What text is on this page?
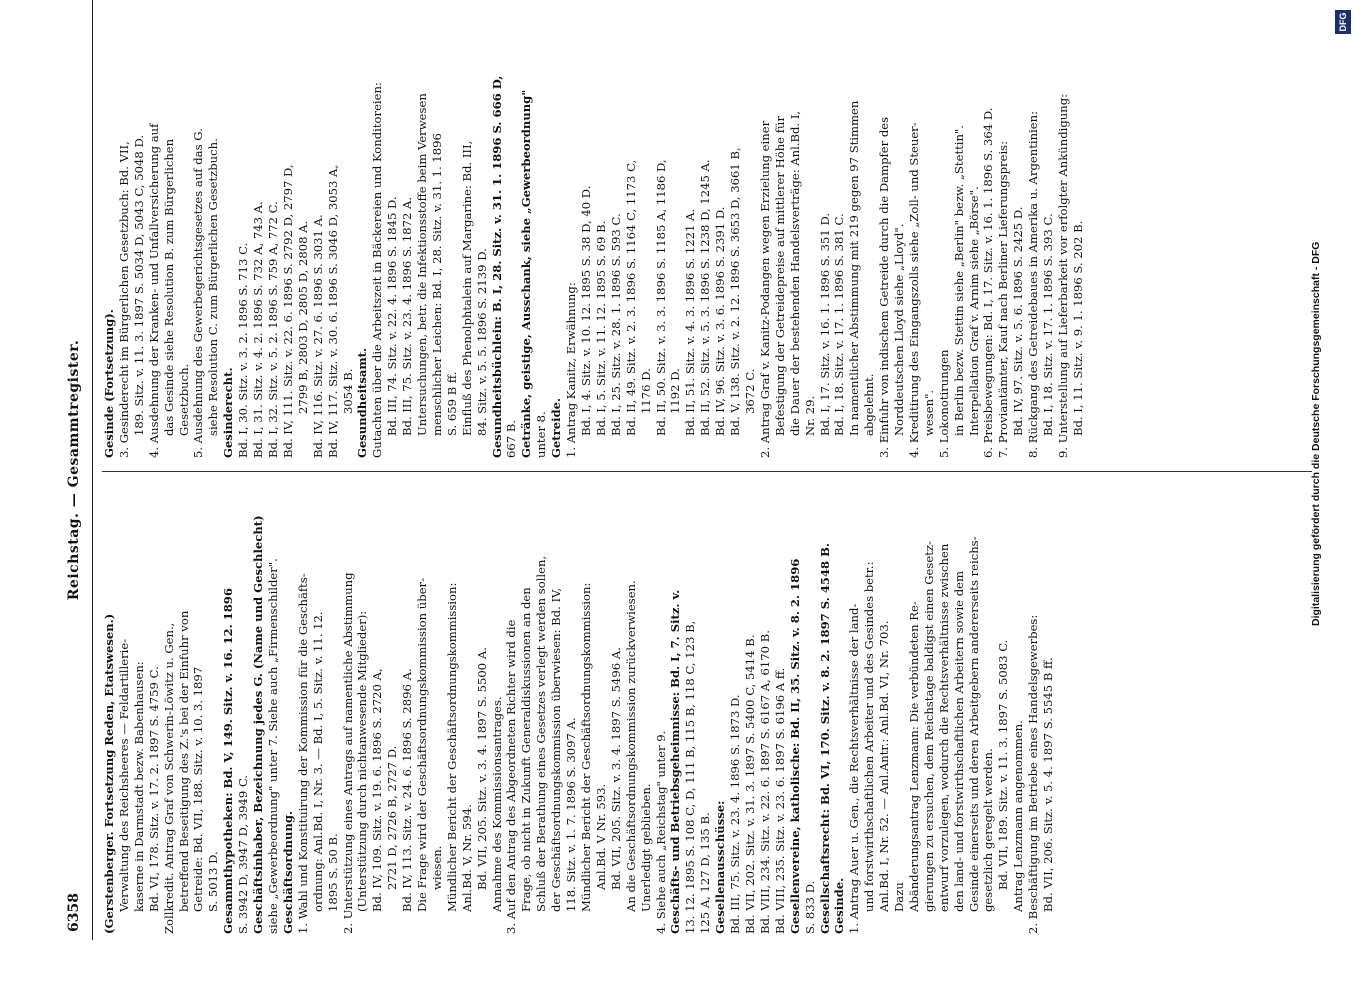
6358
Reichstag. — Gesammtregister.
(Gerstenberger. Fortsetzung Reden, Etatswesen.) Verwaltung des Reichsheeres — Feldartillerie- kaserne in Darmstadt bezw. Babenhausen: Bd. VI, 178. Sitz. v. 17. 2. 1897 S. 4759 C. Zollkredit. Antrag Graf von Schwerin-Löwitz u. Gen., betreffend Beseitigung des Z.'s bei der Einfuhr von Getreide: Bd. VII, 188. Sitz. v. 10. 3. 1897 S. 5013 D. Gesammthypotheken: Bd. V, 149. Sitz. v. 16. 12. 1896 S. 3942 D, 3947 D, 3949 C. Geschäftsinhaber, Bezeichnung jedes G. (Name und Geschlecht) siehe „Gewerbeordnung" unter 7. Siehe auch „Firmenschilder". Geschäftsordnung. 1. Wahl und Konstituirung der Kommission für die Geschäfts- ordnung: Anl.Bd. I, Nr. 3. — Bd. I, 5. Sitz. v. 11. 12. 1895 S. 50 B. 2. Unterstützung eines Antrags auf namentliche Abstimmung (Unterstützung durch nichtanwesende Mitglieder): Bd. IV, 109. Sitz. v. 19. 6. 1896 S. 2720 A, 2721 D, 2726 B, 2727 D. Bd. IV, 113. Sitz. v. 24. 6. 1896 S. 2896 A. Die Frage wird der Geschäftsordnungskommission über- wiesen. Mündlicher Bericht der Geschäftsordnungskommission: Anl.Bd. V, Nr. 594. Bd. VII, 205. Sitz. v. 3. 4. 1897 S. 5500 A. Annahme des Kommissionsantrages. 3. Auf den Antrag des Abgeordneten Richter wird die Frage, ob nicht in Zukunft Generaldiskussionen an den Schluß der Berathung eines Gesetzes verlegt werden sollen, der Geschäftsordnungskommission überwiesen: Bd. IV, 118. Sitz. v. 1. 7. 1896 S. 3097 A. Mündlicher Bericht der Geschäftsordnungskommission: Anl.Bd. V Nr. 593. Bd. VII, 205. Sitz. v. 3. 4. 1897 S. 5496 A. An die Geschäftsordnungskommission zurückverwiesen. Unerledigt geblieben. 4. Siehe auch „Reichstag" unter 9. Geschäfts- und Betriebsgeheimnisse: Bd. I, 7. Sitz. v. 13. 12. 1895 S. 108 C, D, 111 B, 115 B, 118 C, 123 B, 125 A, 127 D, 135 B. Gesellenausschüsse: Bd. III, 75. Sitz. v. 23. 4. 1896 S. 1873 D. Bd. VII, 202. Sitz. v. 31. 3. 1897 S. 5400 C, 5414 B. Bd. VIII, 234. Sitz. v. 22. 6. 1897 S. 6167 A, 6170 B. Bd. VIII, 235. Sitz. v. 23. 6. 1897 S. 6196 A ff. Gesellenvereine, katholische: Bd. II, 35. Sitz. v. 8. 2. 1896 S. 833 D. Gesellschaftsrecht: Bd. VI, 170. Sitz. v. 8. 2. 1897 S. 4548 B. Gesinde. 1. Antrag Auer u. Gen., die Rechtsverhältnisse der land- und forstwirthschaftlichen Arbeiter und des Gesindes betr.: Anl.Bd. I, Nr. 52. — Anl.Antr.: Anl.Bd. VI, Nr. 703. Dazu Abänderungsantrag Lenzmann: Die verbündeten Re- gierungen zu ersuchen, dem Reichstage baldigst einen Gesetz- entwurf vorzulegen, wodurch die Rechtsverhältnisse zwischen den land- und forstwirthschaftlichen Arbeitern sowie dem Gesinde einerseits und deren Arbeitgebern andererseits reichs- gesetzlich geregelt werden. Bd. VII, 189. Sitz. v. 11. 3. 1897 S. 5083 C. Antrag Lenzmann angenommen. 2. Beschäftigung im Betriebe eines Handelsgewerbes: Bd. VII, 206. Sitz. v. 5. 4. 1897 S. 5545 B ff.
Gesinde (Fortsetzung). 3. Gesinderecht im Bürgerlichen Gesetzbuch: Bd. VII, 189. Sitz. v. 11. 3. 1897 S. 5034 D, 5043 C, 5048 D. 4. Ausdehnung der Kranken- und Unfallversicherung auf das Gesinde siehe Resolution B. zum Bürgerlichen Gesetzbuch. 5. Ausdehnung des Gewerbegerichtsgesetzes auf das G. siehe Resolution C. zum Bürgerlichen Gesetzbuch. Gesinderecht. Bd. I, 30. Sitz. v. 3. 2. 1896 S. 713 C. Bd. I, 31. Sitz. v. 4. 2. 1896 S. 732 A, 743 A. Bd. I, 32. Sitz. v. 5. 2. 1896 S. 759 A, 772 C. Bd. IV, 111. Sitz. v. 22. 6. 1896 S. 2792 D, 2797 D, 2799 B, 2803 D, 2805 D, 2808 A. Bd. IV, 116. Sitz. v. 27. 6. 1896 S. 3031 A. Bd. IV, 117. Sitz. v. 30. 6. 1896 S. 3046 D, 3053 A, 3054 B. Gesundheitsamt. Gutachten über die Arbeitszeit in Bäckereien und Konditoreien: Bd. III, 74. Sitz. v. 22. 4. 1896 S. 1845 D. Bd. III, 75. Sitz. v. 23. 4. 1896 S. 1872 A. Untersuchungen, betr. die Infektionsstoffe beim Verwesen menschlicher Leichen: Bd. I, 28. Sitz. v. 31. 1. 1896 S. 659 B ff. Einfluß des Phenolphtalein auf Margarine: Bd. III, 84. Sitz. v. 5. 5. 1896 S. 2139 D. Gesundheitsbüchlein: B. I, 28. Sitz. v. 31. 1. 1896 S. 666 D, 667 B. Getränke, geistige, Ausschank, siehe „Gewerbeordnung" unter 8. Getreide. 1. Antrag Kanitz, Erwähnung: Bd. I, 4. Sitz. v. 10. 12. 1895 S. 38 D, 40 D. Bd. I, 5. Sitz. v. 11. 12. 1895 S. 69 B. Bd. I, 25. Sitz. v. 28. 1. 1896 S. 593 C. Bd. II, 49. Sitz. v. 2. 3. 1896 S. 1164 C, 1173 C, 1176 D. Bd. II, 50. Sitz. v. 3. 3. 1896 S. 1185 A, 1186 D, 1192 D. Bd. II, 51. Sitz. v. 4. 3. 1896 S. 1221 A. Bd. II, 52. Sitz. v. 5. 3. 1896 S. 1238 D, 1245 A. Bd. IV, 96. Sitz. v. 3. 6. 1896 S. 2391 D. Bd. V, 138. Sitz. v. 2. 12. 1896 S. 3653 D, 3661 B, 3672 C. 2. Antrag Graf v. Kanitz-Podangen wegen Erzielung einer Befestigung der Getreidepreise auf mittlerer Höhe für die Dauer der bestehenden Handelsverträge: Anl.Bd. I, Nr. 29. Bd. I, 17. Sitz. v. 16. 1. 1896 S. 351 D. Bd. I, 18. Sitz. v. 17. 1. 1896 S. 381 C. In namentlicher Abstimmung mit 219 gegen 97 Stimmen abgelehnt. 3. Einfuhr von indischem Getreide durch die Dampfer des Norddeutschen Lloyd siehe „Lloyd". 4. Kreditirung des Eingangszolls siehe „Zoll- und Steuer- wesen". 5. Lokonotirungen in Berlin bezw. Stettin siehe „Berlin" bezw. „Stettin". Interpellation Graf v. Arnim siehe „Börse". 6. Preisbewegungen: Bd. I, 17. Sitz. v. 16. 1. 1896 S. 364 D. 7. Proviantämter, Kauf nach Berliner Lieferungspreis: Bd. IV, 97. Sitz. v. 5. 6. 1896 S. 2425 D. 8. Rückgang des Getreidebaues in Amerika u. Argentinien: Bd. I, 18. Sitz. v. 17. 1. 1896 S. 393 C. 9. Unterstellung auf Lieferbarkeit vor erfolgter Ankündigung: Bd. I, 11. Sitz. v. 9. 1. 1896 S. 202 B.	Digitalisierung gefördert durch die Deutsche Forschungsgemeinschaft - DFG
DFG
